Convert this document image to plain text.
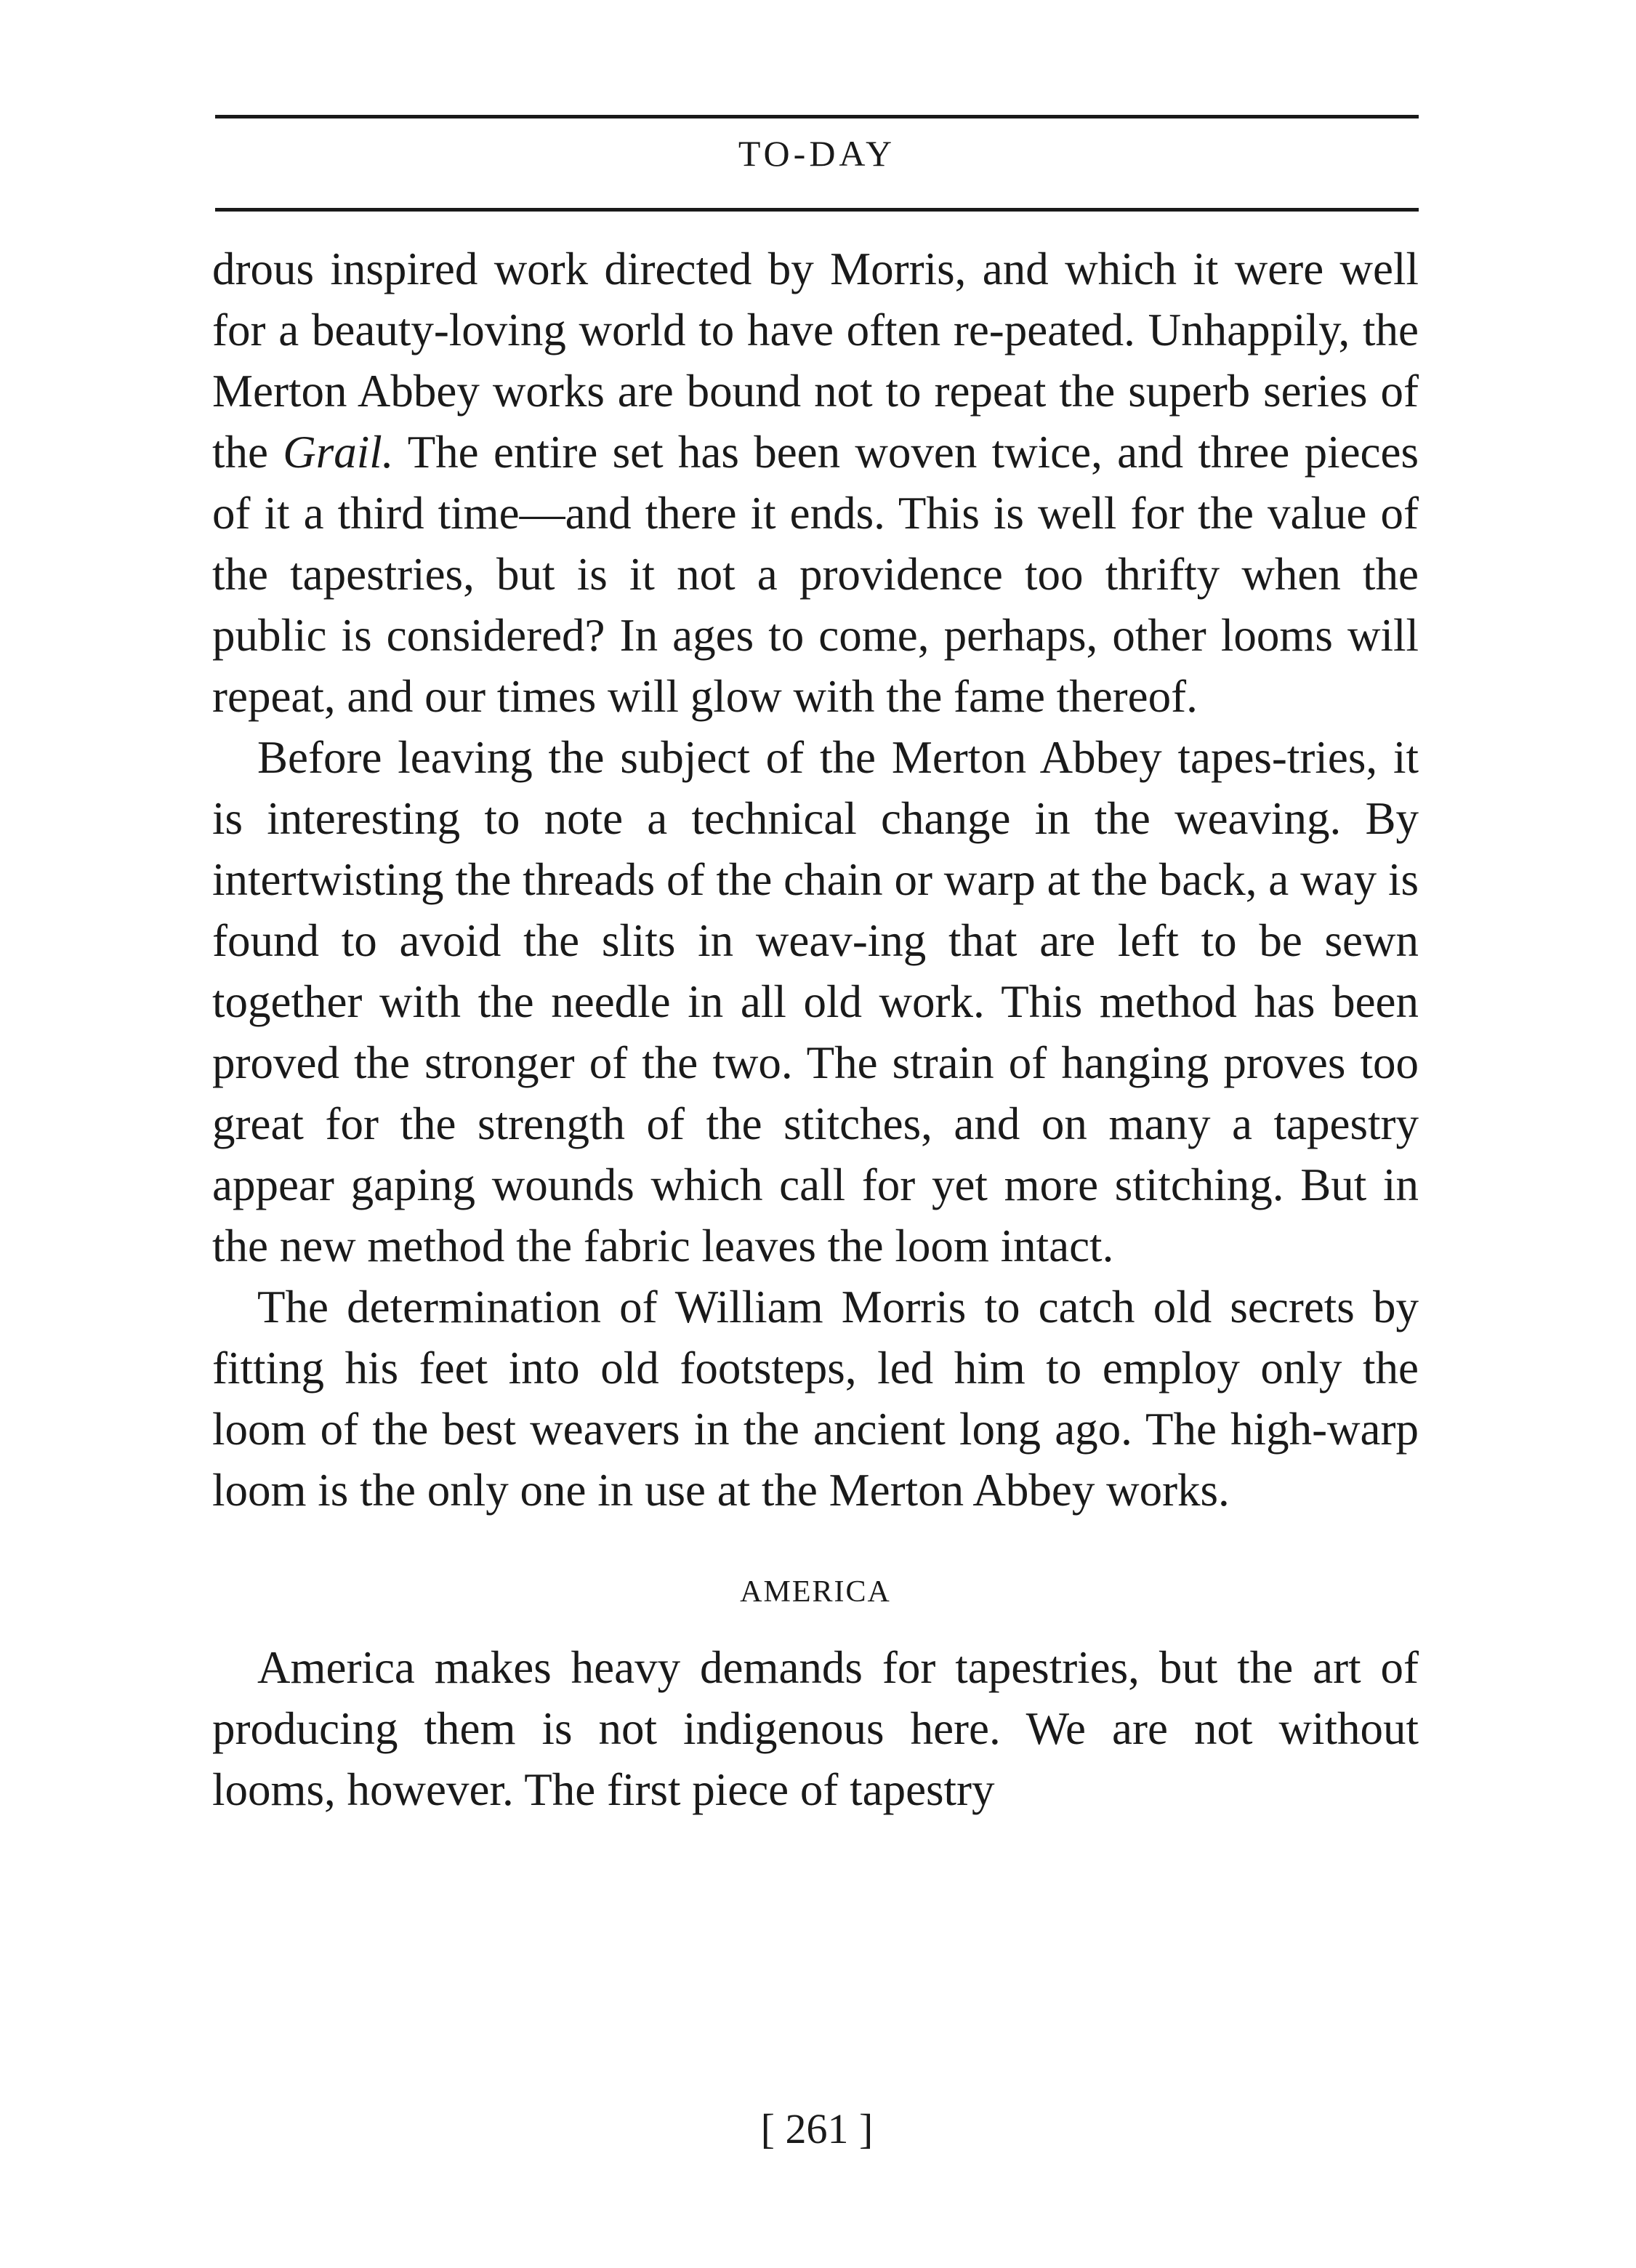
TO-DAY

drous inspired work directed by Morris, and which it were well for a beauty-loving world to have often re-peated. Unhappily, the Merton Abbey works are bound not to repeat the superb series of the Grail. The entire set has been woven twice, and three pieces of it a third time—and there it ends. This is well for the value of the tapestries, but is it not a providence too thrifty when the public is considered? In ages to come, perhaps, other looms will repeat, and our times will glow with the fame thereof.

Before leaving the subject of the Merton Abbey tapes-tries, it is interesting to note a technical change in the weaving. By intertwisting the threads of the chain or warp at the back, a way is found to avoid the slits in weav-ing that are left to be sewn together with the needle in all old work. This method has been proved the stronger of the two. The strain of hanging proves too great for the strength of the stitches, and on many a tapestry appear gaping wounds which call for yet more stitching. But in the new method the fabric leaves the loom intact.

The determination of William Morris to catch old secrets by fitting his feet into old footsteps, led him to employ only the loom of the best weavers in the ancient long ago. The high-warp loom is the only one in use at the Merton Abbey works.

AMERICA

America makes heavy demands for tapestries, but the art of producing them is not indigenous here. We are not without looms, however. The first piece of tapestry

[ 261 ]
